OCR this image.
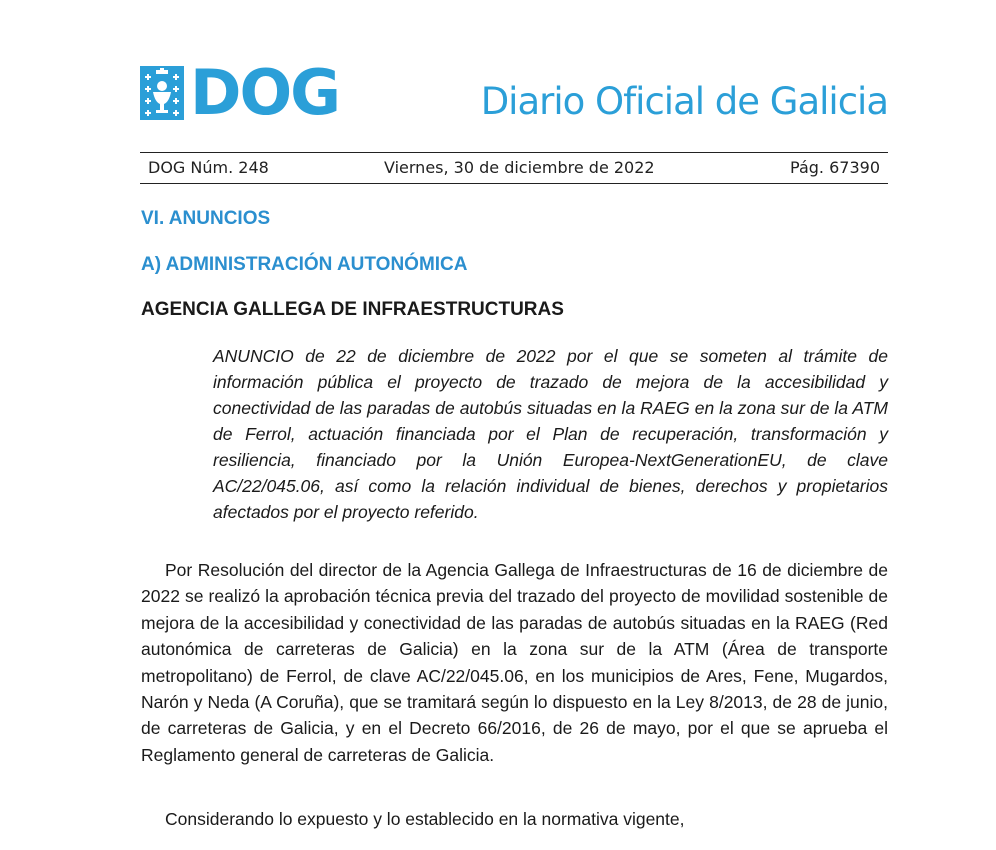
DOG	Diario Oficial de Galicia
DOG Núm. 248	Viernes, 30 de diciembre de 2022	Pág. 67390
VI. ANUNCIOS
A) ADMINISTRACIÓN AUTONÓMICA
AGENCIA GALLEGA DE INFRAESTRUCTURAS
ANUNCIO de 22 de diciembre de 2022 por el que se someten al trámite de información pública el proyecto de trazado de mejora de la accesibilidad y conectividad de las paradas de autobús situadas en la RAEG en la zona sur de la ATM de Ferrol, actuación financiada por el Plan de recuperación, transformación y resiliencia, financiado por la Unión Europea-NextGenerationEU, de clave AC/22/045.06, así como la relación individual de bienes, derechos y propietarios afectados por el proyecto referido.
Por Resolución del director de la Agencia Gallega de Infraestructuras de 16 de diciembre de 2022 se realizó la aprobación técnica previa del trazado del proyecto de movilidad sostenible de mejora de la accesibilidad y conectividad de las paradas de autobús situadas en la RAEG (Red autonómica de carreteras de Galicia) en la zona sur de la ATM (Área de transporte metropolitano) de Ferrol, de clave AC/22/045.06, en los municipios de Ares, Fene, Mugardos, Narón y Neda (A Coruña), que se tramitará según lo dispuesto en la Ley 8/2013, de 28 de junio, de carreteras de Galicia, y en el Decreto 66/2016, de 26 de mayo, por el que se aprueba el Reglamento general de carreteras de Galicia.
Considerando lo expuesto y lo establecido en la normativa vigente,
